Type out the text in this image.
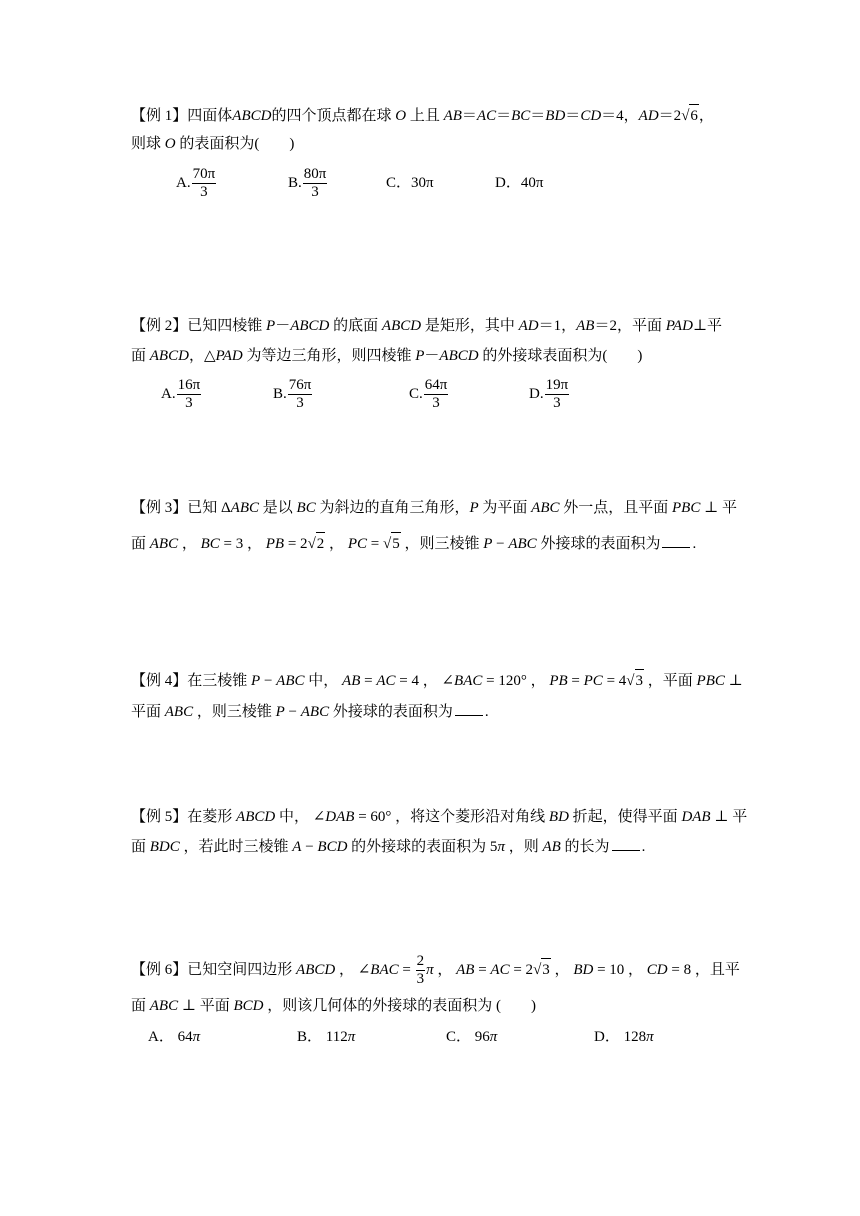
【例 1】四面体ABCD的四个顶点都在球 O 上且 AB＝AC＝BC＝BD＝CD＝4，AD＝2√6，
则球 O 的表面积为(　　)
A. $\frac{70\pi}{3}$	B. $\frac{80\pi}{3}$	C．30π	D．40π
【例 2】已知四棱锥 P－ABCD 的底面 ABCD 是矩形，其中 AD＝1，AB＝2，平面 PAD⊥平
面 ABCD，△PAD 为等边三角形，则四棱锥 P－ABCD 的外接球表面积为(　　)
A. $\frac{16\pi}{3}$	B. $\frac{76\pi}{3}$	C. $\frac{64\pi}{3}$	D. $\frac{19\pi}{3}$
【例 3】已知 ΔABC 是以 BC 为斜边的直角三角形，P 为平面 ABC 外一点，且平面 PBC ⊥ 平
面 ABC ， BC = 3 ， PB = 2√2 ， PC = √5 ，则三棱锥 P − ABC 外接球的表面积为 .
【例 4】在三棱锥 P − ABC 中， AB = AC = 4 ， ∠BAC = 120° ， PB = PC = 4√3 ，平面 PBC ⊥
平面 ABC ，则三棱锥 P − ABC 外接球的表面积为 .
【例 5】在菱形 ABCD 中， ∠DAB = 60° ，将这个菱形沿对角线 BD 折起，使得平面 DAB ⊥ 平
面 BDC ，若此时三棱锥 A − BCD 的外接球的表面积为 5π ，则 AB 的长为 .
【例 6】已知空间四边形 ABCD ， ∠BAC = $\frac{2}{3}$ π ， AB = AC = 2√3 ， BD = 10 ， CD = 8 ，且平
面 ABC ⊥ 平面 BCD ，则该几何体的外接球的表面积为 (　　)
A． 64π	B． 112π	C． 96π	D． 128π
